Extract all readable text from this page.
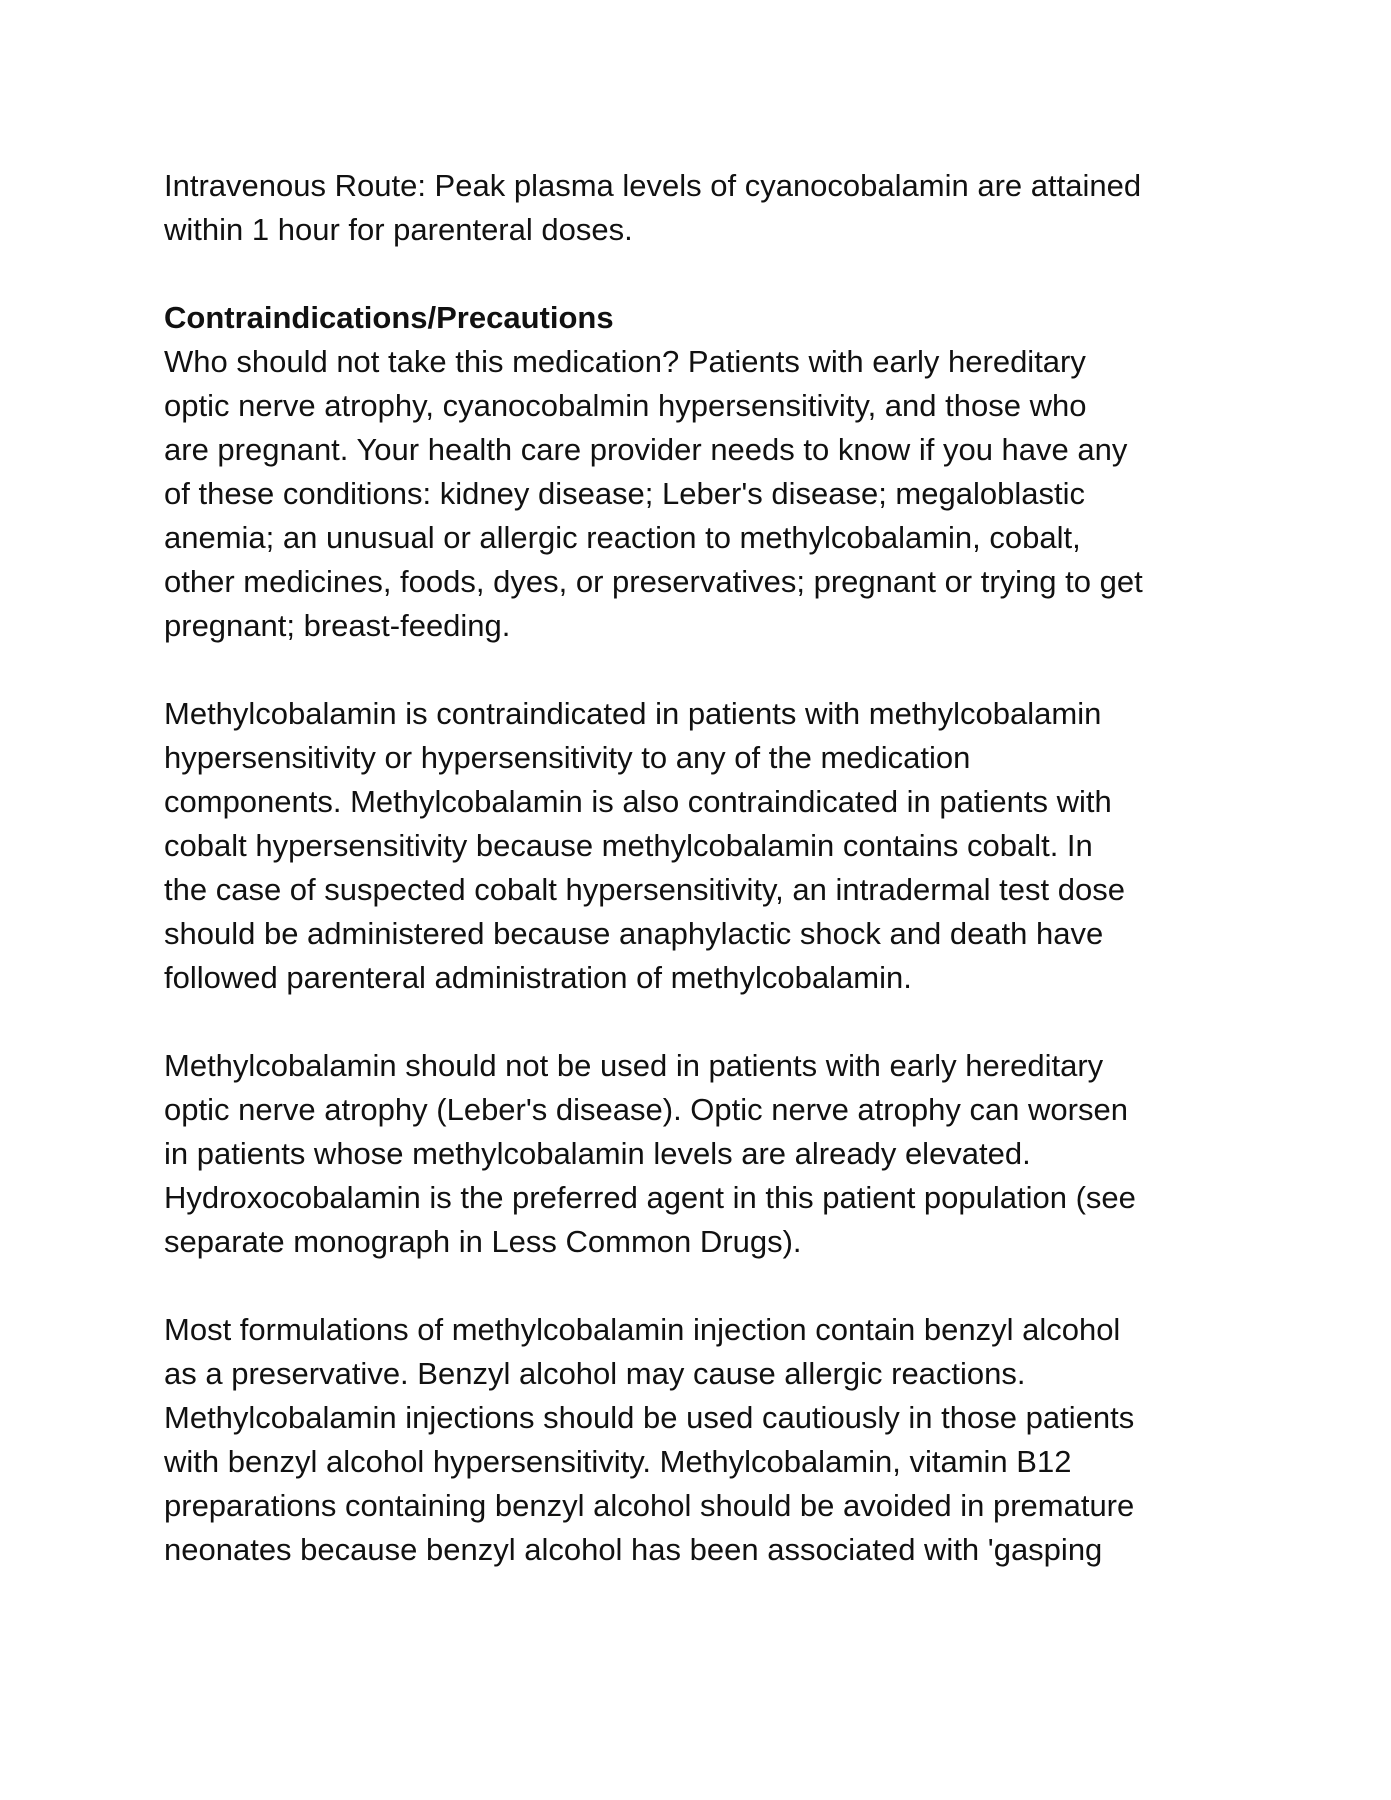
Intravenous Route: Peak plasma levels of cyanocobalamin are attained
within 1 hour for parenteral doses.
Contraindications/Precautions
Who should not take this medication? Patients with early hereditary
optic nerve atrophy, cyanocobalmin hypersensitivity, and those who
are pregnant. Your health care provider needs to know if you have any
of these conditions: kidney disease; Leber's disease; megaloblastic
anemia; an unusual or allergic reaction to methylcobalamin, cobalt,
other medicines, foods, dyes, or preservatives; pregnant or trying to get
pregnant; breast-feeding.
Methylcobalamin is contraindicated in patients with methylcobalamin
hypersensitivity or hypersensitivity to any of the medication
components. Methylcobalamin is also contraindicated in patients with
cobalt hypersensitivity because methylcobalamin contains cobalt. In
the case of suspected cobalt hypersensitivity, an intradermal test dose
should be administered because anaphylactic shock and death have
followed parenteral administration of methylcobalamin.
Methylcobalamin should not be used in patients with early hereditary
optic nerve atrophy (Leber's disease). Optic nerve atrophy can worsen
in patients whose methylcobalamin levels are already elevated.
Hydroxocobalamin is the preferred agent in this patient population (see
separate monograph in Less Common Drugs).
Most formulations of methylcobalamin injection contain benzyl alcohol
as a preservative. Benzyl alcohol may cause allergic reactions.
Methylcobalamin injections should be used cautiously in those patients
with benzyl alcohol hypersensitivity. Methylcobalamin, vitamin B12
preparations containing benzyl alcohol should be avoided in premature
neonates because benzyl alcohol has been associated with 'gasping
